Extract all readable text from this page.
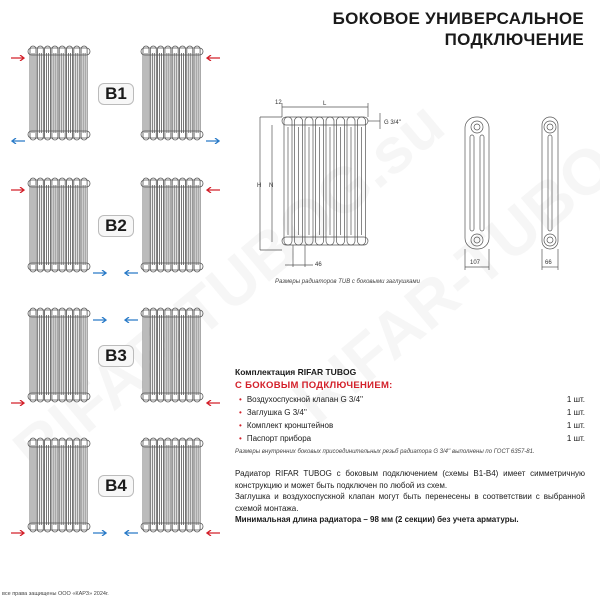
БОКОВОЕ УНИВЕРСАЛЬНОЕ
ПОДКЛЮЧЕНИЕ
B1
B2
B3
B4
12	L
H N
G 3/4''
46	107	66
Размеры радиаторов TUB с боковыми заглушками
Комплектация RIFAR TUBOG
С БОКОВЫМ ПОДКЛЮЧЕНИЕМ:
• Воздухоспускной клапан G 3/4''	1 шт.
• Заглушка G 3/4''	1 шт.
• Комплект кронштейнов	1 шт.
• Паспорт прибора	1 шт.
Размеры внутренних боковых присоединительных резьб радиатора G 3/4'' выполнены по ГОСТ 6357-81.
Радиатор RIFAR TUBOG с боковым подключением (схемы B1-B4) имеет симметричную конструкцию и может быть подключен по любой из схем.
Заглушка и воздухоспускной клапан могут быть перенесены в соответствии с выбранной схемой монтажа.
Минимальная длина радиатора – 98 мм (2 секции) без учета арматуры.
все права защищены ООО «КАРЗ» 2024г.
